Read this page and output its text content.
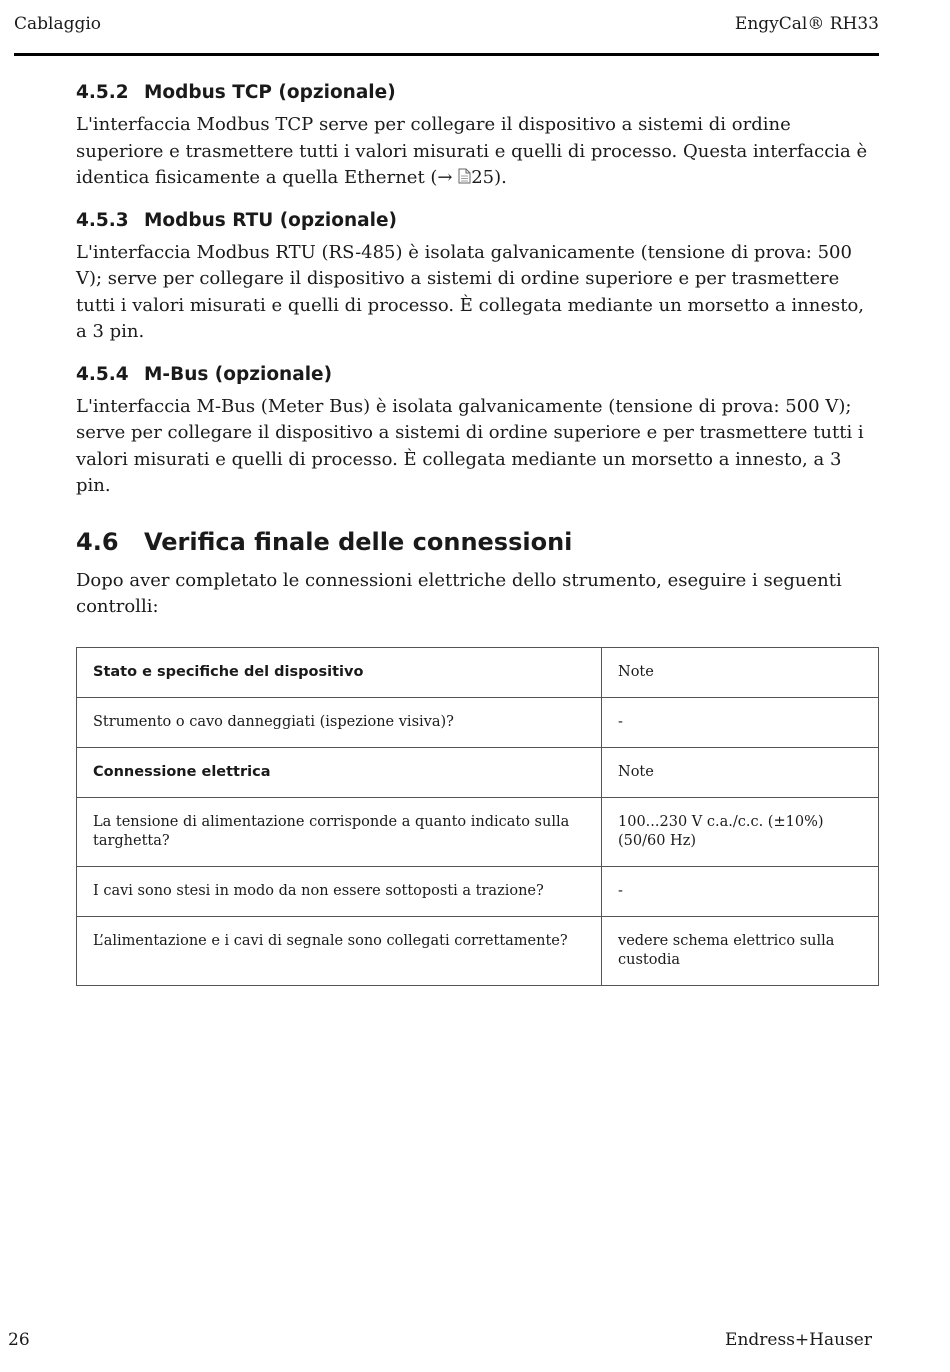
Cablaggio	EngyCal® RH33
4.5.2 Modbus TCP (opzionale)

L'interfaccia Modbus TCP serve per collegare il dispositivo a sistemi di ordine superiore e trasmettere tutti i valori misurati e quelli di processo. Questa interfaccia è identica fisicamente a quella Ethernet (→ 25).

4.5.3 Modbus RTU (opzionale)

L'interfaccia Modbus RTU (RS-485) è isolata galvanicamente (tensione di prova: 500 V); serve per collegare il dispositivo a sistemi di ordine superiore e per trasmettere tutti i valori misurati e quelli di processo. È collegata mediante un morsetto a innesto, a 3 pin.

4.5.4 M-Bus (opzionale)

L'interfaccia M-Bus (Meter Bus) è isolata galvanicamente (tensione di prova: 500 V); serve per collegare il dispositivo a sistemi di ordine superiore e per trasmettere tutti i valori misurati e quelli di processo. È collegata mediante un morsetto a innesto, a 3 pin.

4.6	Verifica finale delle connessioni

Dopo aver completato le connessioni elettriche dello strumento, eseguire i seguenti controlli:

Stato e specifiche del dispositivo	Note
Strumento o cavo danneggiati (ispezione visiva)?	-
Connessione elettrica	Note
La tensione di alimentazione corrisponde a quanto indicato sulla targhetta?	100...230 V c.a./c.c. (±10%) (50/60 Hz)
I cavi sono stesi in modo da non essere sottoposti a trazione?	-
L’alimentazione e i cavi di segnale sono collegati correttamente?	vedere schema elettrico sulla custodia
26	Endress+Hauser
